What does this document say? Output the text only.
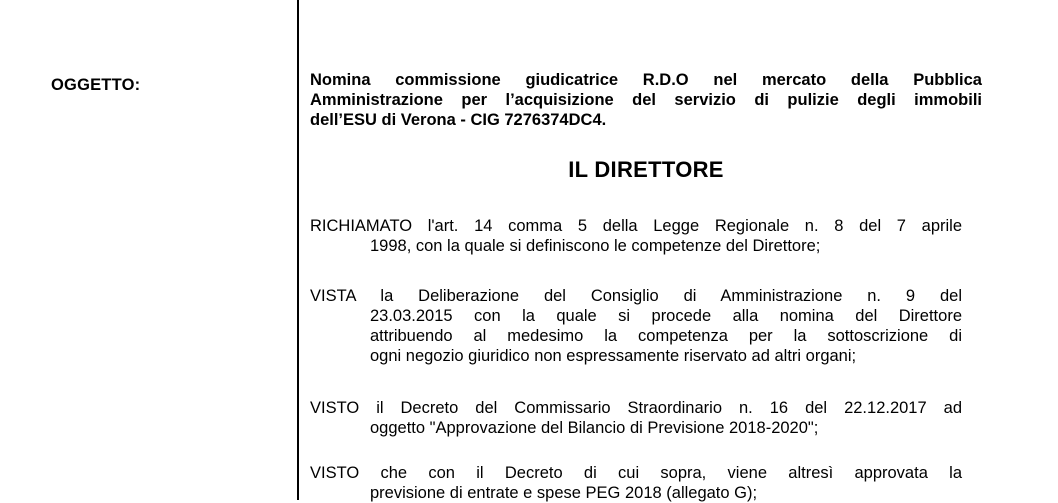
OGGETTO:	Nomina commissione giudicatrice R.D.O nel mercato della Pubblica
Amministrazione per l’acquisizione del servizio di pulizie degli immobili
dell’ESU di Verona - CIG 7276374DC4.
IL DIRETTORE
RICHIAMATO l'art. 14 comma 5 della Legge Regionale n. 8 del 7 aprile
1998, con la quale si definiscono le competenze del Direttore;
VISTA la Deliberazione del Consiglio di Amministrazione n. 9 del
23.03.2015 con la quale si procede alla nomina del Direttore
attribuendo al medesimo la competenza per la sottoscrizione di
ogni negozio giuridico non espressamente riservato ad altri organi;
VISTO il Decreto del Commissario Straordinario n. 16 del 22.12.2017 ad
oggetto "Approvazione del Bilancio di Previsione 2018-2020";
VISTO che con il Decreto di cui sopra, viene altresì approvata la
previsione di entrate e spese PEG 2018 (allegato G);
